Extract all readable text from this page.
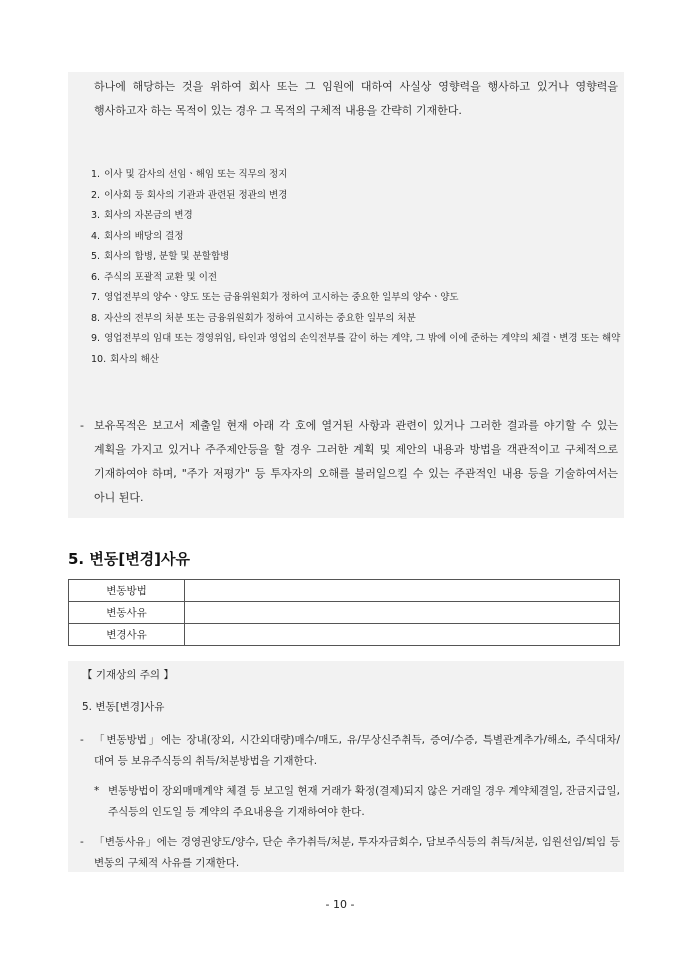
하나에 해당하는 것을 위하여 회사 또는 그 임원에 대하여 사실상 영향력을 행사하고 있거나 영향력을 행사하고자 하는 목적이 있는 경우 그 목적의 구체적 내용을 간략히 기재한다.
1. 이사 및 감사의 선임ㆍ해임 또는 직무의 정지
2. 이사회 등 회사의 기관과 관련된 정관의 변경
3. 회사의 자본금의 변경
4. 회사의 배당의 결정
5. 회사의 합병, 분할 및 분할합병
6. 주식의 포괄적 교환 및 이전
7. 영업전부의 양수ㆍ양도 또는 금융위원회가 정하여 고시하는 중요한 일부의 양수ㆍ양도
8. 자산의 전부의 처분 또는 금융위원회가 정하여 고시하는 중요한 일부의 처분
9. 영업전부의 임대 또는 경영위임, 타인과 영업의 손익전부를 같이 하는 계약, 그 밖에 이에 준하는 계약의 체결ㆍ변경 또는 해약
10. 회사의 해산
- 보유목적은 보고서 제출일 현재 아래 각 호에 열거된 사항과 관련이 있거나 그러한 결과를 야기할 수 있는 계획을 가지고 있거나 주주제안등을 할 경우 그러한 계획 및 제안의 내용과 방법을 객관적이고 구체적으로 기재하여야 하며, "주가 저평가" 등 투자자의 오해를 불러일으킬 수 있는 주관적인 내용 등을 기술하여서는 아니 된다.
5. 변동[변경]사유
변동방법	
변동사유	
변경사유	
【 기재상의 주의 】
5. 변동[변경]사유
- 「변동방법」에는 장내(장외, 시간외대량)매수/매도, 유/무상신주취득, 증여/수증, 특별관계추가/해소, 주식대차/대여 등 보유주식등의 취득/처분방법을 기재한다.
* 변동방법이 장외매매계약 체결 등 보고일 현재 거래가 확정(결제)되지 않은 거래일 경우 계약체결일, 잔금지급일, 주식등의 인도일 등 계약의 주요내용을 기재하여야 한다.
- 「변동사유」에는 경영권양도/양수, 단순 추가취득/처분, 투자자금회수, 담보주식등의 취득/처분, 임원선임/퇴임 등 변동의 구체적 사유를 기재한다.
- 10 -
